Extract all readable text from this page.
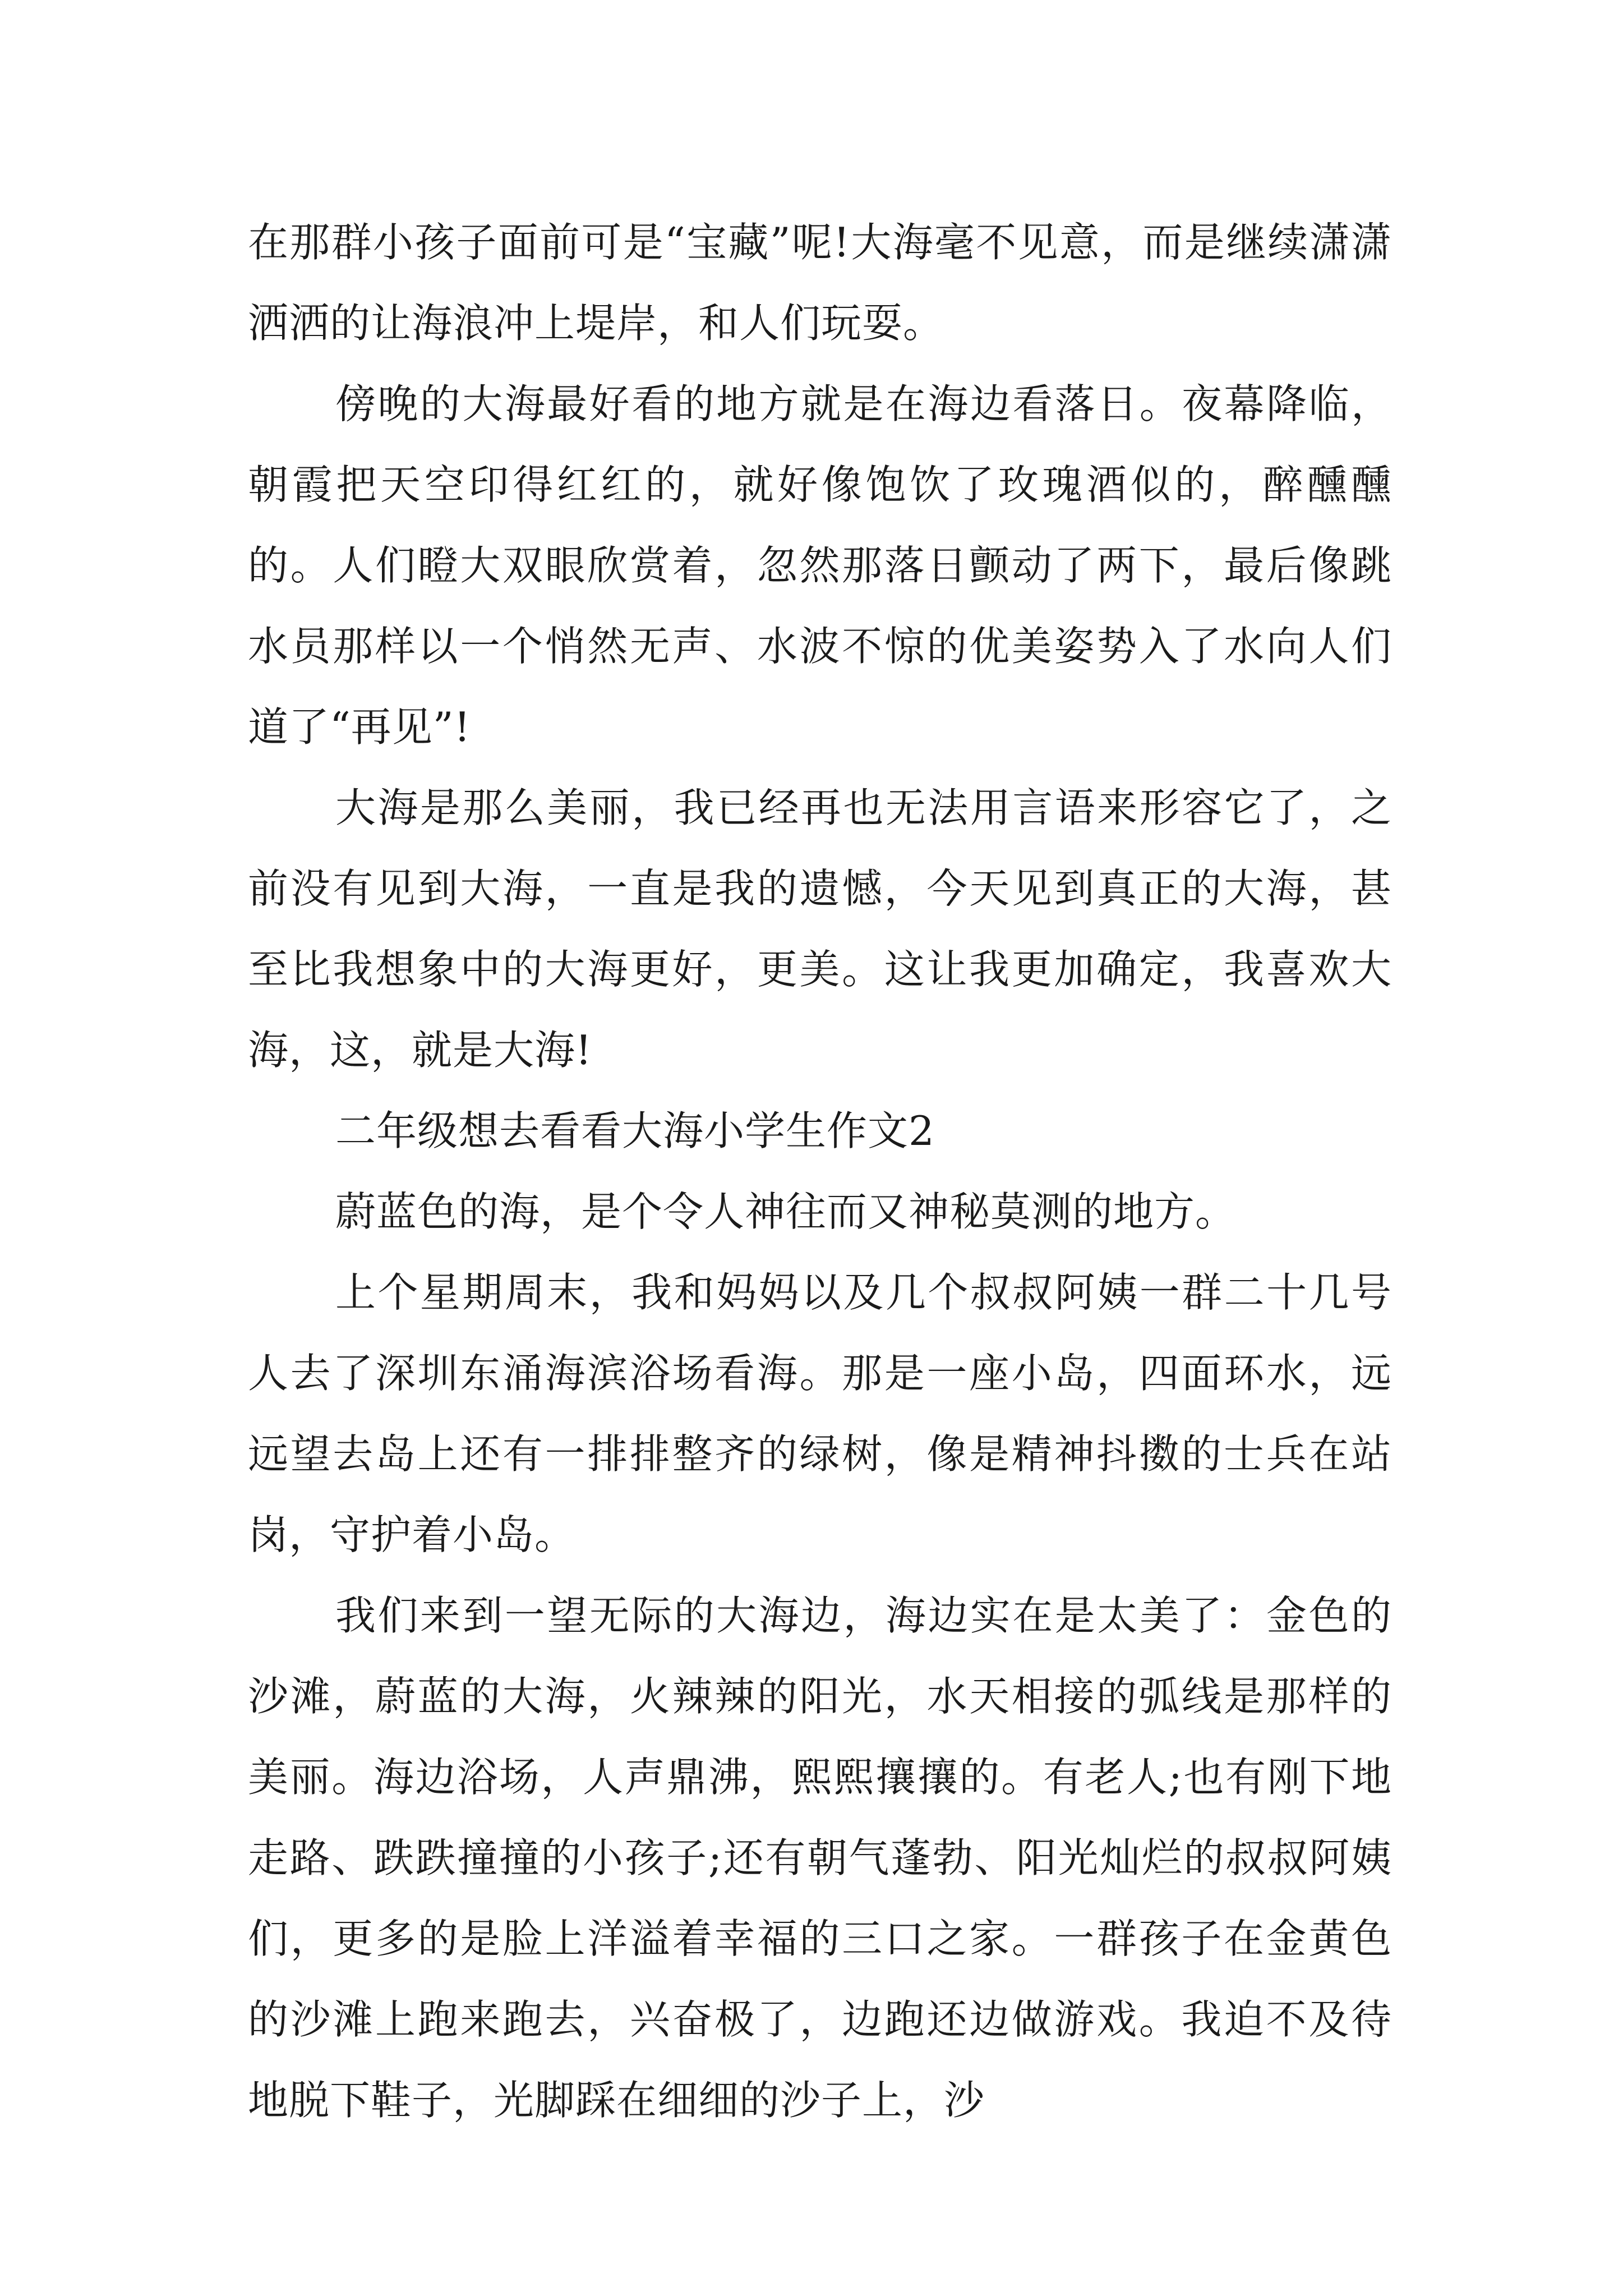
在那群小孩子面前可是“宝藏”呢!大海毫不见意，而是继续潇潇洒洒的让海浪冲上堤岸，和人们玩耍。

傍晚的大海最好看的地方就是在海边看落日。夜幕降临，朝霞把天空印得红红的，就好像饱饮了玫瑰酒似的，醉醺醺的。人们瞪大双眼欣赏着，忽然那落日颤动了两下，最后像跳水员那样以一个悄然无声、水波不惊的优美姿势入了水向人们道了“再见”!

大海是那么美丽，我已经再也无法用言语来形容它了，之前没有见到大海，一直是我的遗憾，今天见到真正的大海，甚至比我想象中的大海更好，更美。这让我更加确定，我喜欢大海，这，就是大海!

二年级想去看看大海小学生作文2

蔚蓝色的海，是个令人神往而又神秘莫测的地方。

上个星期周末，我和妈妈以及几个叔叔阿姨一群二十几号人去了深圳东涌海滨浴场看海。那是一座小岛，四面环水，远远望去岛上还有一排排整齐的绿树，像是精神抖擞的士兵在站岗，守护着小岛。

我们来到一望无际的大海边，海边实在是太美了：金色的沙滩，蔚蓝的大海，火辣辣的阳光，水天相接的弧线是那样的美丽。海边浴场，人声鼎沸，熙熙攘攘的。有老人;也有刚下地走路、跌跌撞撞的小孩子;还有朝气蓬勃、阳光灿烂的叔叔阿姨们，更多的是脸上洋溢着幸福的三口之家。一群孩子在金黄色的沙滩上跑来跑去，兴奋极了，边跑还边做游戏。我迫不及待地脱下鞋子，光脚踩在细细的沙子上，沙
